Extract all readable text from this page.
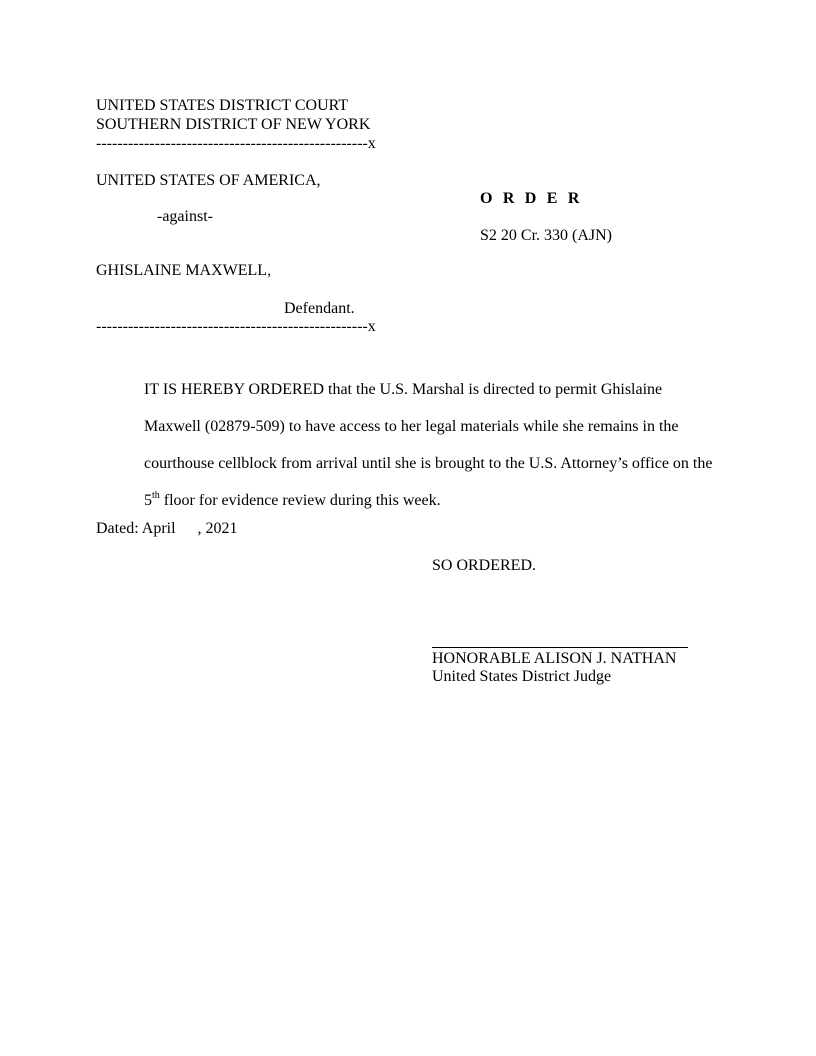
UNITED STATES DISTRICT COURT
SOUTHERN DISTRICT OF NEW YORK
---------------------------------------------------x
UNITED STATES OF AMERICA,
-against-
O R D E R
S2 20 Cr. 330 (AJN)
GHISLAINE MAXWELL,
Defendant.
---------------------------------------------------x

IT IS HEREBY ORDERED that the U.S. Marshal is directed to permit Ghislaine Maxwell (02879-509) to have access to her legal materials while she remains in the courthouse cellblock from arrival until she is brought to the U.S. Attorney’s office on the 5th floor for evidence review during this week.

Dated: April , 2021
SO ORDERED.
HONORABLE ALISON J. NATHAN
United States District Judge
